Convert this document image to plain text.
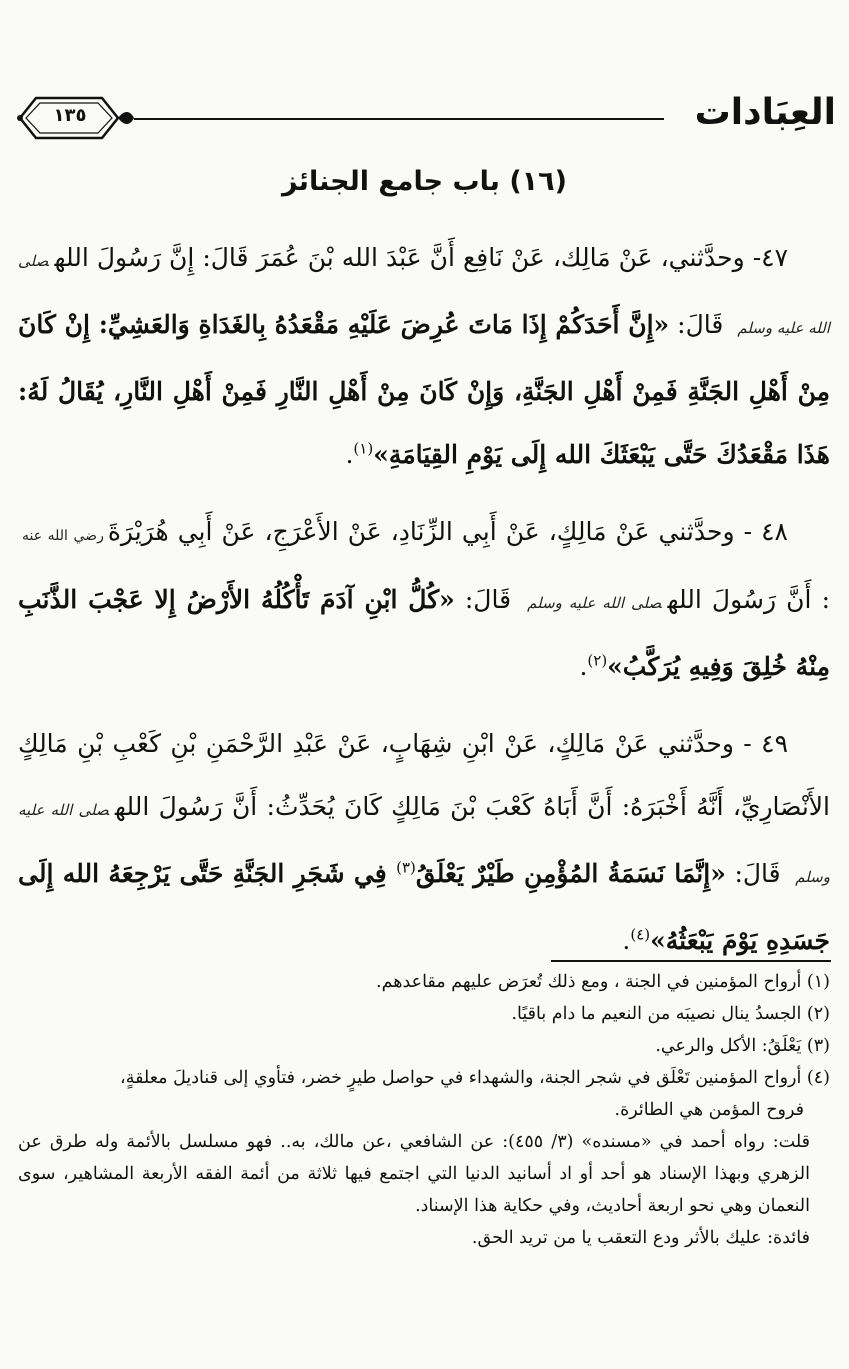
العِبَادات
١٣٥
(١٦) باب جامع الجنائز

٤٧- وحدَّثني، عَنْ مَالِك، عَنْ نَافِع أَنَّ عَبْدَ الله بْنَ عُمَرَ قَالَ: إِنَّ رَسُولَ اللهصلى الله عليه وسلم قَالَ: «إِنَّ أَحَدَكُمْ إِذَا مَاتَ عُرِضَ عَلَيْهِ مَقْعَدُهُ بِالغَدَاةِ وَالعَشِيِّ: إِنْ كَانَ مِنْ أَهْلِ الجَنَّةِ فَمِنْ أَهْلِ الجَنَّةِ، وَإِنْ كَانَ مِنْ أَهْلِ النَّارِ فَمِنْ أَهْلِ النَّارِ، يُقَالُ لَهُ: هَذَا مَقْعَدُكَ حَتَّى يَبْعَثَكَ الله إِلَى يَوْمِ القِيَامَةِ»$^{(١)}$.

٤٨ - وحدَّثني عَنْ مَالِكٍ، عَنْ أَبِي الزِّنَادِ، عَنْ الأَعْرَجِ، عَنْ أَبِي هُرَيْرَةَرضي الله عنه : أَنَّ رَسُولَ اللهصلى الله عليه وسلم قَالَ: «كُلُّ ابْنِ آدَمَ تَأْكُلُهُ الأَرْضُ إِلا عَجْبَ الذَّنَبِ مِنْهُ خُلِقَ وَفِيهِ يُرَكَّبُ»$^{(٢)}$.

٤٩ - وحدَّثني عَنْ مَالِكٍ، عَنْ ابْنِ شِهَابٍ، عَنْ عَبْدِ الرَّحْمَنِ بْنِ كَعْبِ بْنِ مَالِكٍ الأَنْصَارِيِّ، أَنَّهُ أَخْبَرَهُ: أَنَّ أَبَاهُ كَعْبَ بْنَ مَالِكٍ كَانَ يُحَدِّثُ: أَنَّ رَسُولَ اللهصلى الله عليه وسلم قَالَ: «إِنَّمَا نَسَمَةُ المُؤْمِنِ طَيْرٌ يَعْلَقُ$^{(٣)}$ فِي شَجَرِ الجَنَّةِ حَتَّى يَرْجِعَهُ الله إِلَى جَسَدِهِ يَوْمَ يَبْعَثُهُ»$^{(٤)}$.

(١) أرواح المؤمنين في الجنة ، ومع ذلك تُعرَض عليهم مقاعدهم.

(٢) الجسدُ ينال نصيبَه من النعيم ما دام باقيًا.

(٣) يَعْلَقُ: الأكل والرعي.

(٤) أرواح المؤمنين تَعْلَق في شجر الجنة، والشهداء في حواصل طيرٍ خضر، فتأوي إلى قناديلَ معلقةٍ،

فروح المؤمن هي الطائرة.

قلت: رواه أحمد في «مسنده» (٣/ ٤٥٥): عن الشافعي ،عن مالك، به.. فهو مسلسل بالأئمة وله طرق عن الزهري وبهذا الإسناد هو أحد أو اد أسانيد الدنيا التي اجتمع فيها ثلاثة من أئمة الفقه الأربعة المشاهير، سوى النعمان وهي نحو اربعة أحاديث، وفي حكاية هذا الإسناد.

فائدة: عليك بالأثر ودع التعقب يا من تريد الحق.
